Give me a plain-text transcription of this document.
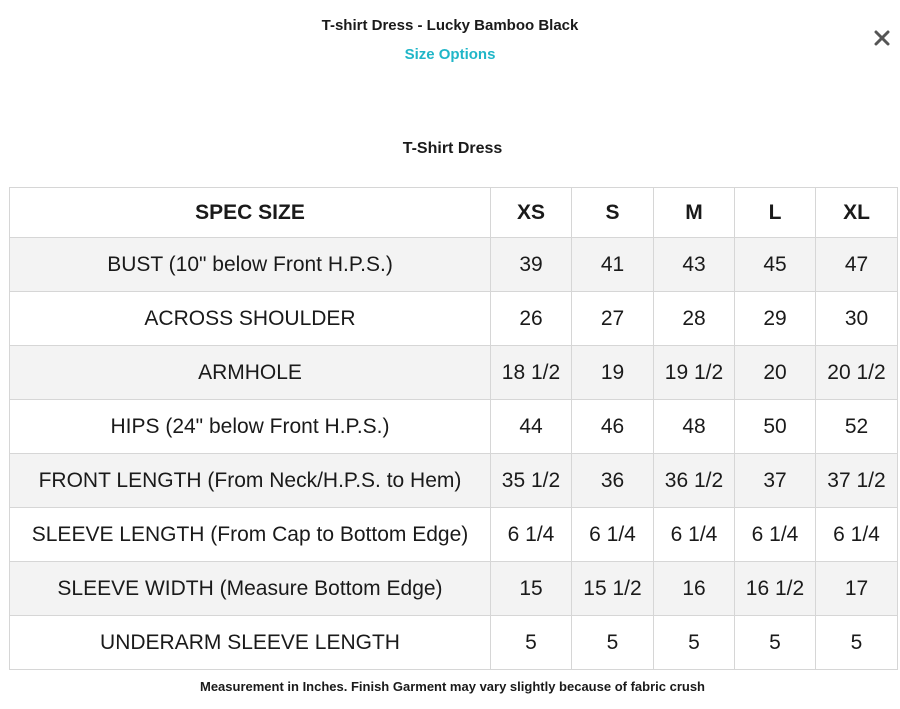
T-shirt Dress - Lucky Bamboo Black
Size Options
T-Shirt Dress
SPEC SIZE	XS	S	M	L	XL
BUST (10" below Front H.P.S.)	39	41	43	45	47
ACROSS SHOULDER	26	27	28	29	30
ARMHOLE	18 1/2	19	19 1/2	20	20 1/2
HIPS (24" below Front H.P.S.)	44	46	48	50	52
FRONT LENGTH (From Neck/H.P.S. to Hem)	35 1/2	36	36 1/2	37	37 1/2
SLEEVE LENGTH (From Cap to Bottom Edge)	6 1/4	6 1/4	6 1/4	6 1/4	6 1/4
SLEEVE WIDTH (Measure Bottom Edge)	15	15 1/2	16	16 1/2	17
UNDERARM SLEEVE LENGTH	5	5	5	5	5
Measurement in Inches. Finish Garment may vary slightly because of fabric crush
